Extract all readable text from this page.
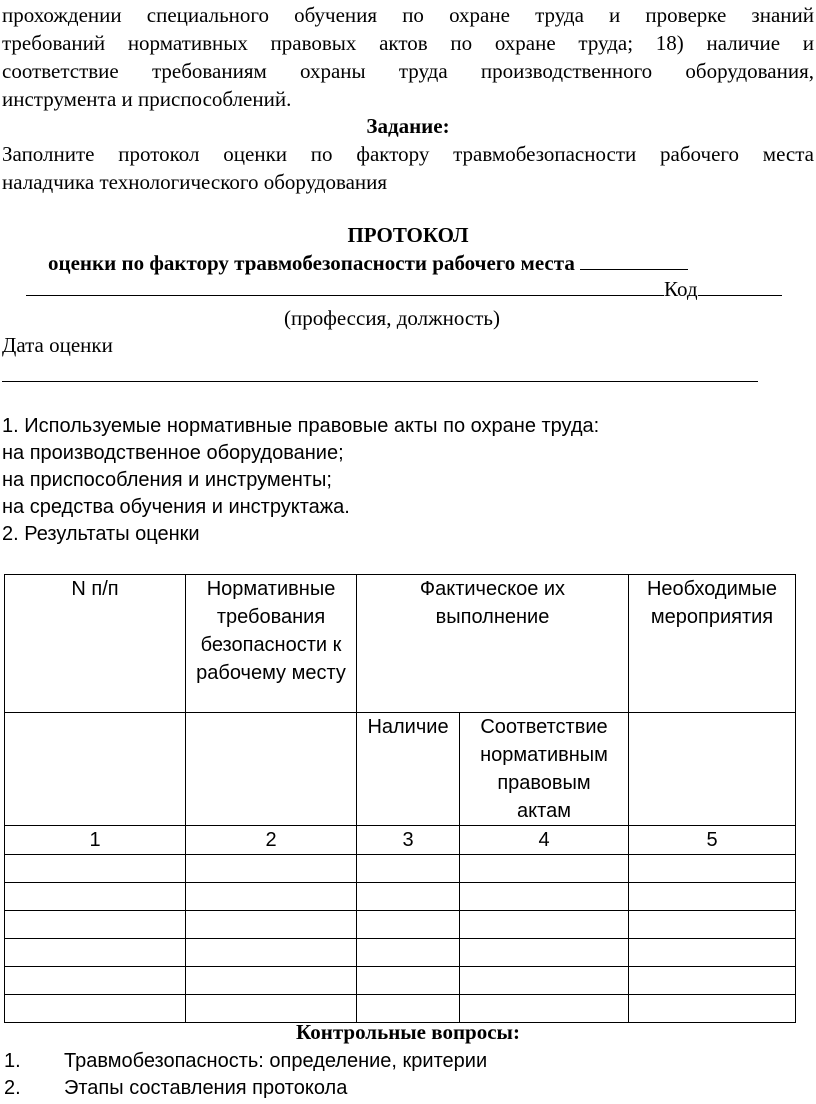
прохождении специального обучения по охране труда и проверке знаний
требований нормативных правовых актов по охране труда; 18) наличие и
соответствие требованиям охраны труда производственного оборудования,
инструмента и приспособлений.
Задание:
Заполните протокол оценки по фактору травмобезопасности рабочего места
наладчика технологического оборудования
ПРОТОКОЛ
оценки по фактору травмобезопасности рабочего места
Код
(профессия, должность)
Дата оценки
1. Используемые нормативные правовые акты по охране труда:
на производственное оборудование;
на приспособления и инструменты;
на средства обучения и инструктажа.
2. Результаты оценки
N п/п	Нормативные требования безопасности к рабочему месту	Фактическое их выполнение		Необходимые мероприятия
		Наличие	Соответствие нормативным правовым актам	
1	2	3	4	5

Контрольные вопросы:
1. Травмобезопасность: определение, критерии
2. Этапы составления протокола
